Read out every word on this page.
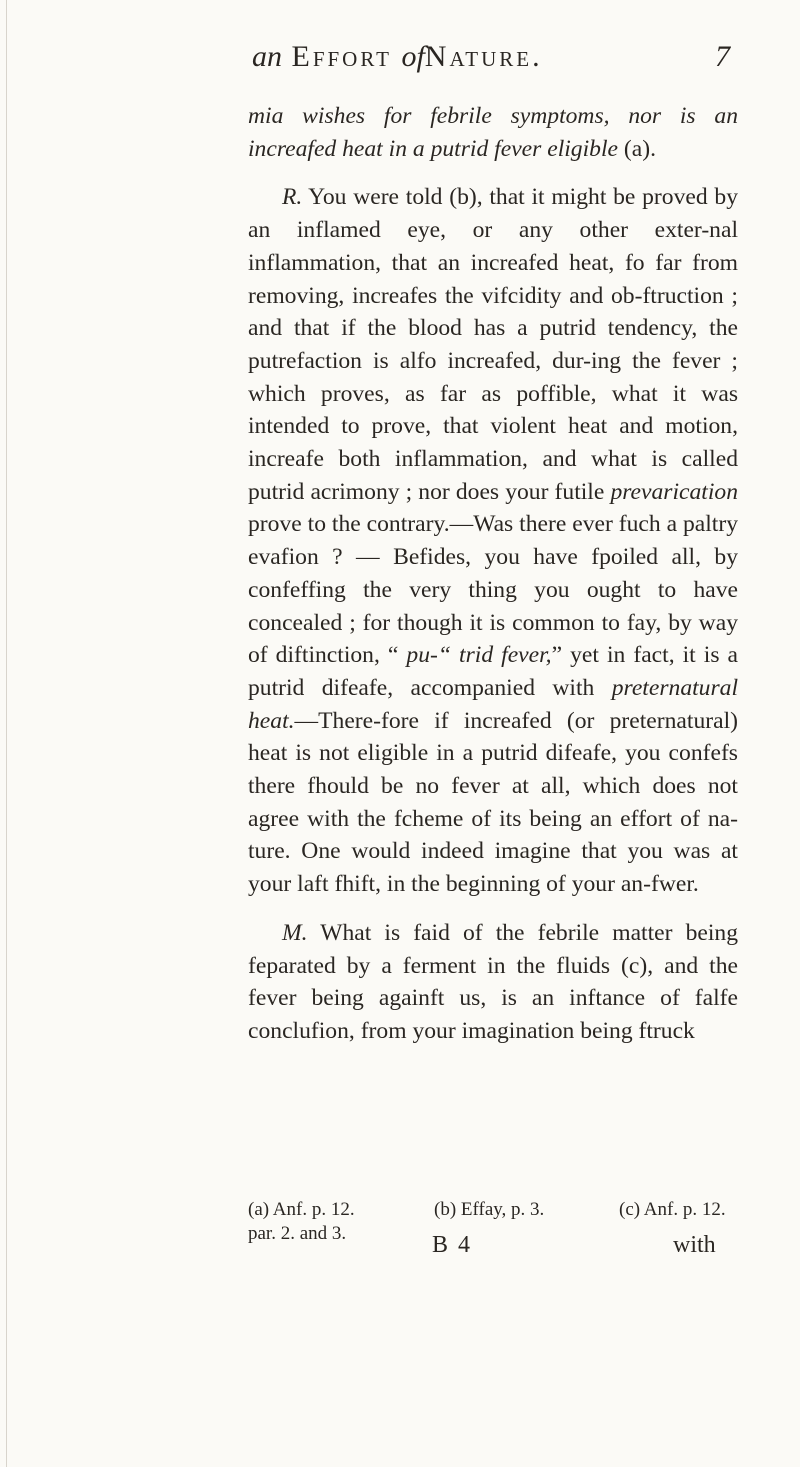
an Effort ofNature.	7

mia wishes for febrile symptoms, nor is an increafed heat in a putrid fever eligible (a).

R. You were told (b), that it might be proved by an inflamed eye, or any other exter-nal inflammation, that an increafed heat, fo far from removing, increafes the vifcidity and ob-ftruction ; and that if the blood has a putrid tendency, the putrefaction is alfo increafed, dur-ing the fever ; which proves, as far as poffible, what it was intended to prove, that violent heat and motion, increafe both inflammation, and what is called putrid acrimony ; nor does your futile prevarication prove to the contrary.—Was there ever fuch a paltry evafion ? — Befides, you have fpoiled all, by confeffing the very thing you ought to have concealed ; for though it is common to fay, by way of diftinction, “ pu-“ trid fever,” yet in fact, it is a putrid difeafe, accompanied with preternatural heat.—There-fore if increafed (or preternatural) heat is not eligible in a putrid difeafe, you confefs there fhould be no fever at all, which does not agree with the fcheme of its being an effort of na-ture. One would indeed imagine that you was at your laft fhift, in the beginning of your an-fwer.

M. What is faid of the febrile matter being feparated by a ferment in the fluids (c), and the fever being againft us, is an inftance of falfe conclufion, from your imagination being ftruck

(a) Anf. p. 12.	(b) Effay, p. 3.	(c) Anf. p. 12.
par. 2. and 3.	B 4	with
